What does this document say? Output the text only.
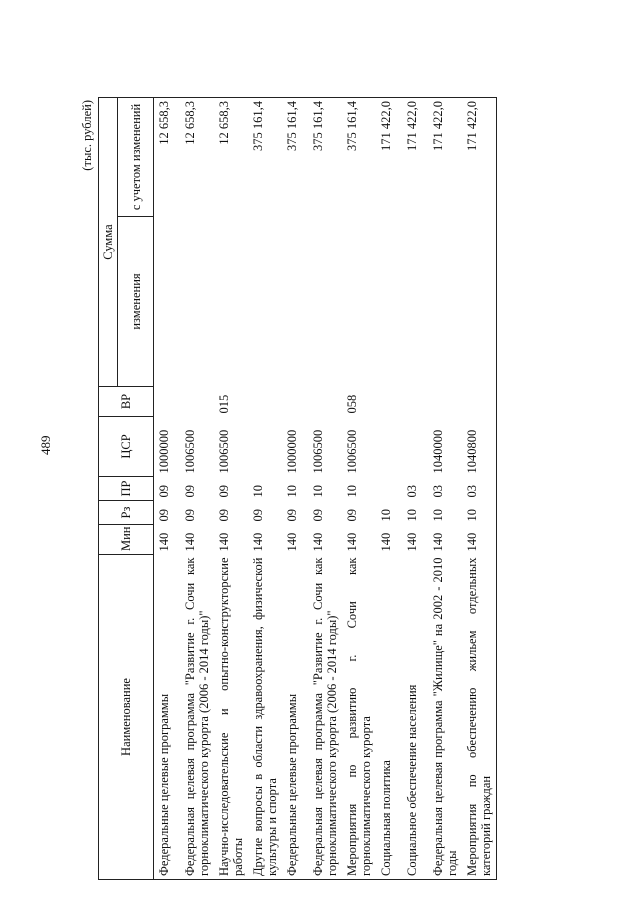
489
(тыс. рублей)
Наименование	Мин	Рз	ПР	ЦСР	ВР	Сумма	
						изменения	с учетом изменений
Федеральные целевые программы	140	09	09	1000000			12 658,3
Федеральная целевая программа "Развитие г. Сочи как горноклиматического курорта (2006 - 2014 годы)"	140	09	09	1006500			12 658,3
Научно-исследовательские и опытно-конструкторские работы	140	09	09	1006500	015		12 658,3
Другие вопросы в области здравоохранения, физической культуры и спорта	140	09	10				375 161,4
Федеральные целевые программы	140	09	10	1000000			375 161,4
Федеральная целевая программа "Развитие г. Сочи как горноклиматического курорта (2006 - 2014 годы)"	140	09	10	1006500			375 161,4
Мероприятия по развитию г. Сочи как горноклиматического курорта	140	09	10	1006500	058		375 161,4
Социальная политика	140	10					171 422,0
Социальное обеспечение населения	140	10	03				171 422,0
Федеральная целевая программа "Жилище" на 2002 - 2010 годы	140	10	03	1040000			171 422,0
Мероприятия по обеспечению жильем отдельных категорий граждан	140	10	03	1040800			171 422,0
